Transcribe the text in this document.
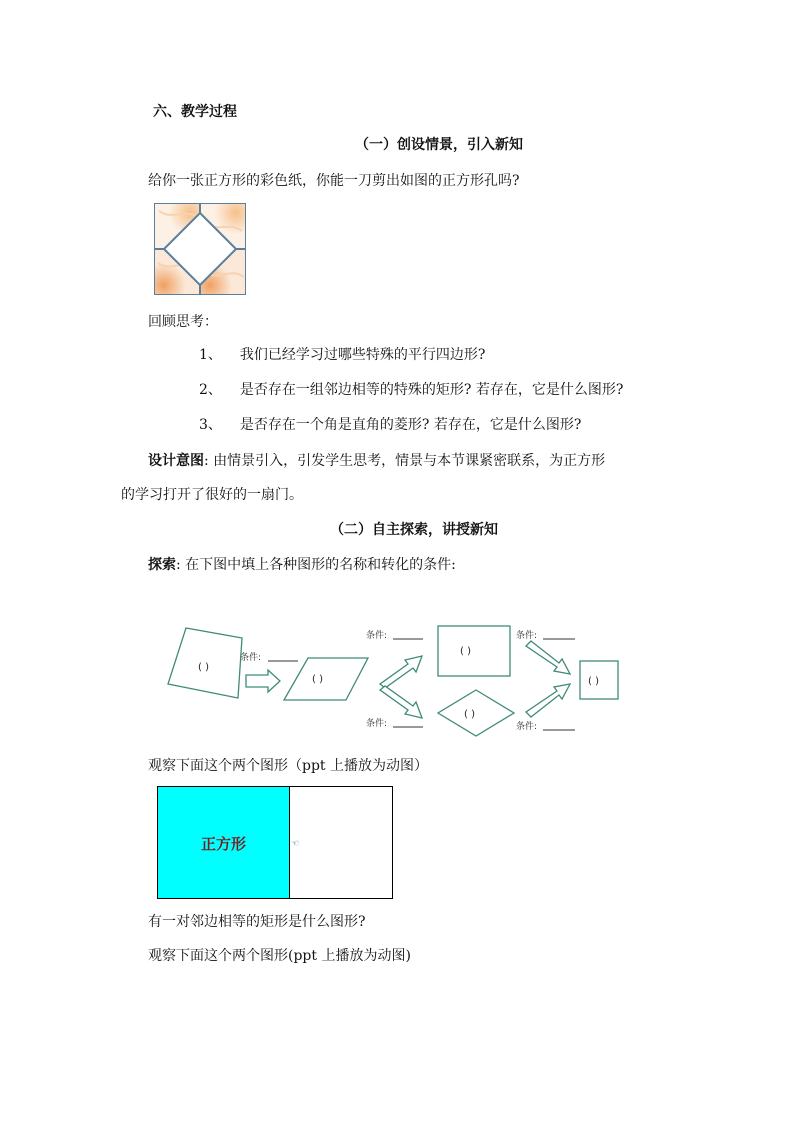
六、教学过程
（一）创设情景，引入新知
给你一张正方形的彩色纸，你能一刀剪出如图的正方形孔吗?
回顾思考：
1、 我们已经学习过哪些特殊的平行四边形?
2、 是否存在一组邻边相等的特殊的矩形? 若存在，它是什么图形?
3、 是否存在一个角是直角的菱形? 若存在，它是什么图形?
设计意图: 由情景引入，引发学生思考，情景与本节课紧密联系，为正方形
的学习打开了很好的一扇门。
（二）自主探索，讲授新知
探索: 在下图中填上各种图形的名称和转化的条件:
( )
条件:
( )
条件:
条件:
( )
( )
条件:
条件:
( )
观察下面这个两个图形（ppt 上播放为动图）
正方形	☜
有一对邻边相等的矩形是什么图形?
观察下面这个两个图形(ppt 上播放为动图)
